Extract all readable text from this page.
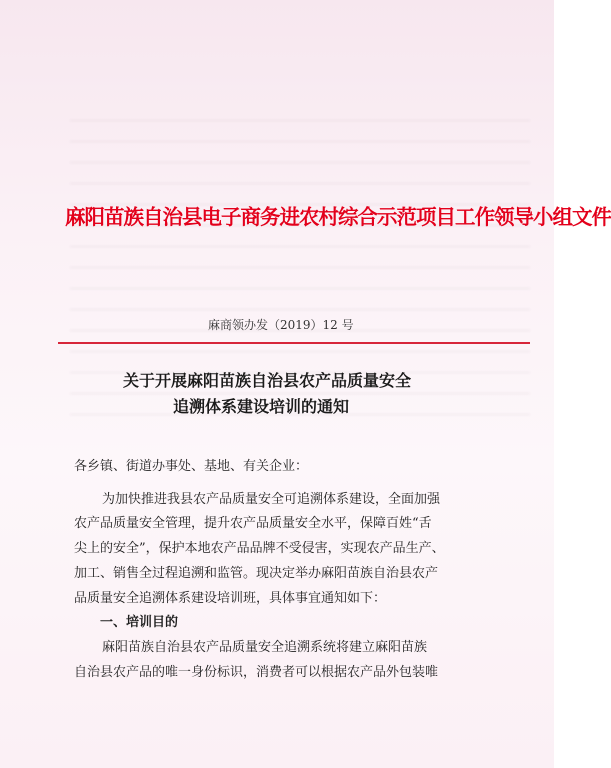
麻阳苗族自治县电子商务进农村综合示范项目工作领导小组文件
麻商领办发（2019）12 号
关于开展麻阳苗族自治县农产品质量安全
追溯体系建设培训的通知

各乡镇、街道办事处、基地、有关企业：

为加快推进我县农产品质量安全可追溯体系建设，全面加强

农产品质量安全管理，提升农产品质量安全水平，保障百姓“舌

尖上的安全”，保护本地农产品品牌不受侵害，实现农产品生产、

加工、销售全过程追溯和监管。现决定举办麻阳苗族自治县农产

品质量安全追溯体系建设培训班，具体事宜通知如下：

一、培训目的

麻阳苗族自治县农产品质量安全追溯系统将建立麻阳苗族

自治县农产品的唯一身份标识，消费者可以根据农产品外包装唯
